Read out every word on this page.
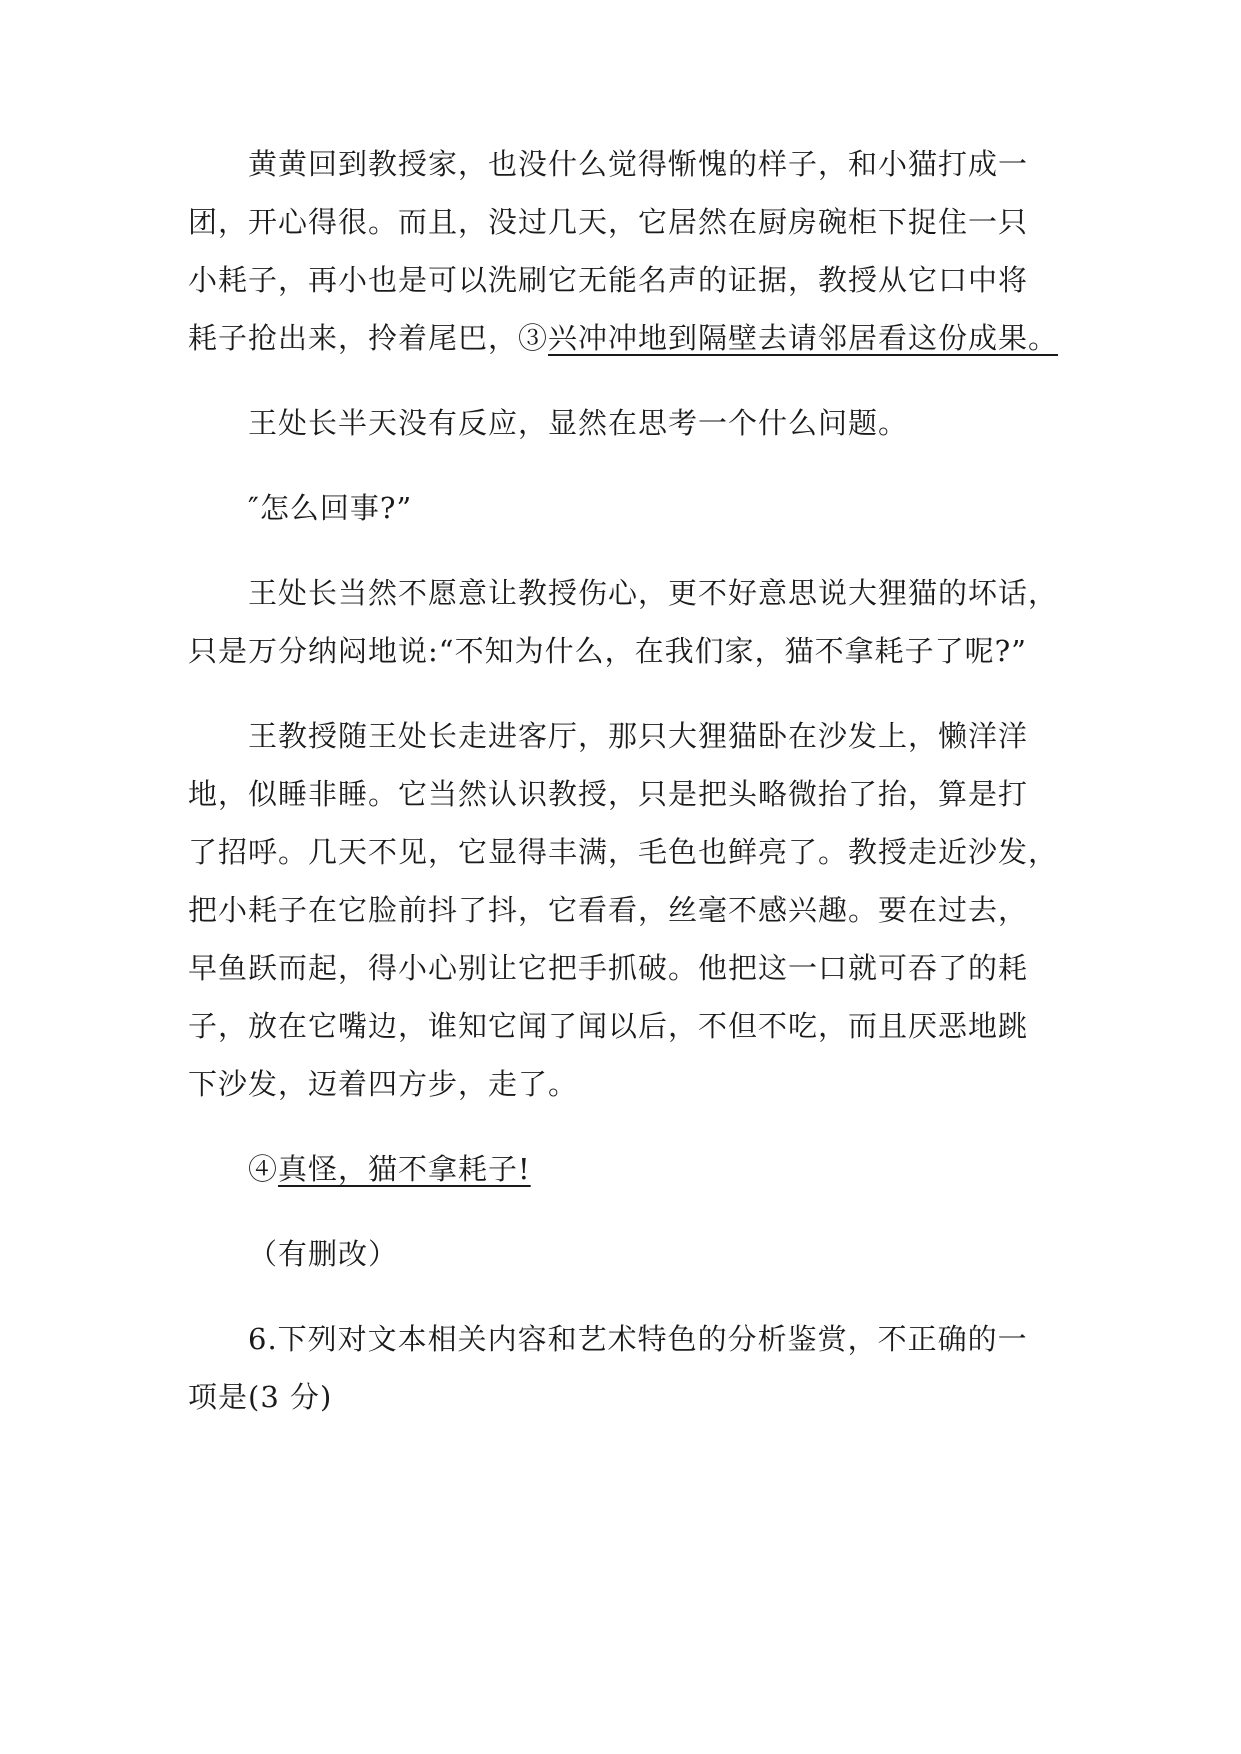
黄黄回到教授家，也没什么觉得惭愧的样子，和小猫打成一
团，开心得很。而且，没过几天，它居然在厨房碗柜下捉住一只
小耗子，再小也是可以洗刷它无能名声的证据，教授从它口中将
耗子抢出来，拎着尾巴，③兴冲冲地到隔壁去请邻居看这份成果。
王处长半天没有反应，显然在思考一个什么问题。
″怎么回事?”
王处长当然不愿意让教授伤心，更不好意思说大狸猫的坏话，
只是万分纳闷地说:“不知为什么，在我们家，猫不拿耗子了呢?”
王教授随王处长走进客厅，那只大狸猫卧在沙发上，懒洋洋
地，似睡非睡。它当然认识教授，只是把头略微抬了抬，算是打
了招呼。几天不见，它显得丰满，毛色也鲜亮了。教授走近沙发，
把小耗子在它脸前抖了抖，它看看，丝毫不感兴趣。要在过去，
早鱼跃而起，得小心别让它把手抓破。他把这一口就可吞了的耗
子，放在它嘴边，谁知它闻了闻以后，不但不吃，而且厌恶地跳
下沙发，迈着四方步，走了。
④真怪，猫不拿耗子!
（有删改）
6.下列对文本相关内容和艺术特色的分析鉴赏，不正确的一
项是(3 分)
